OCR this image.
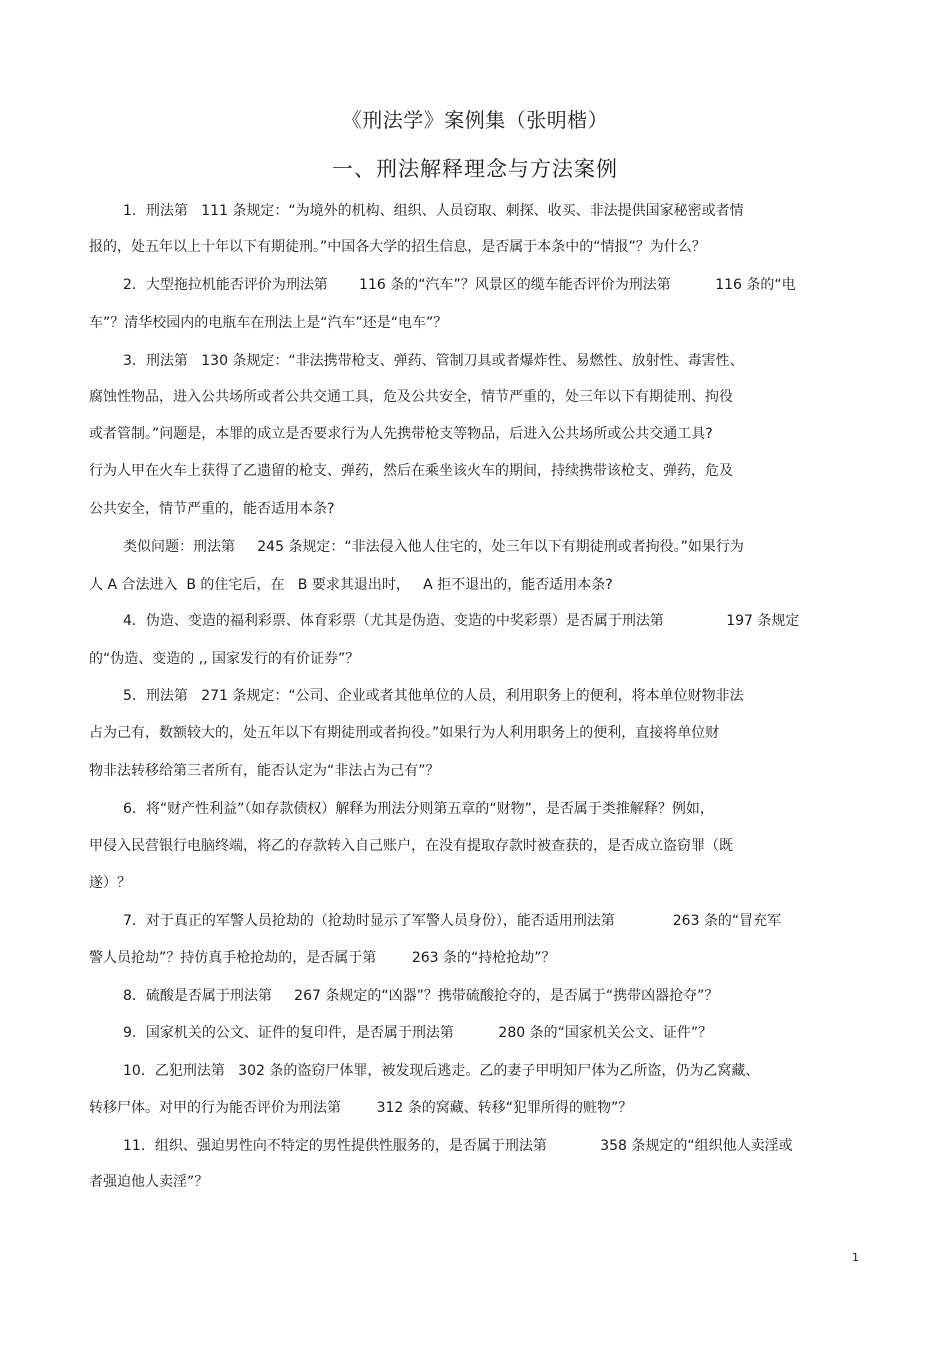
《刑法学》案例集（张明楷）
一、刑法解释理念与方法案例
1．刑法第   111 条规定：“为境外的机构、组织、人员窃取、刺探、收买、非法提供国家秘密或者情
报的，处五年以上十年以下有期徒刑。”中国各大学的招生信息，是否属于本条中的“情报”？为什么？
2．大型拖拉机能否评价为刑法第       116 条的“汽车”？风景区的缆车能否评价为刑法第          116 条的“电
车”？清华校园内的电瓶车在刑法上是“汽车”还是“电车”？
3．刑法第   130 条规定：“非法携带枪支、弹药、管制刀具或者爆炸性、易燃性、放射性、毒害性、
腐蚀性物品，进入公共场所或者公共交通工具，危及公共安全，情节严重的，处三年以下有期徒刑、拘役
或者管制。”问题是，本罪的成立是否要求行为人先携带枪支等物品，后进入公共场所或公共交通工具?
行为人甲在火车上获得了乙遗留的枪支、弹药，然后在乘坐该火车的期间，持续携带该枪支、弹药，危及
公共安全，情节严重的，能否适用本条?
类似问题：刑法第     245 条规定：“非法侵入他人住宅的，处三年以下有期徒刑或者拘役。”如果行为
人 A 合法进入  B 的住宅后，在   B 要求其退出时，   A 拒不退出的，能否适用本条?
4．伪造、变造的福利彩票、体育彩票（尤其是伪造、变造的中奖彩票）是否属于刑法第              197 条规定
的“伪造、变造的 ,, 国家发行的有价证券”？
5．刑法第   271 条规定：“公司、企业或者其他单位的人员，利用职务上的便利，将本单位财物非法
占为己有，数额较大的，处五年以下有期徒刑或者拘役。”如果行为人利用职务上的便利，直接将单位财
物非法转移给第三者所有，能否认定为“非法占为己有”？
6．将“财产性利益”（如存款债权）解释为刑法分则第五章的“财物”，是否属于类推解释？例如，
甲侵入民营银行电脑终端，将乙的存款转入自己账户，在没有提取存款时被查获的，是否成立盗窃罪（既
遂）？
7．对于真正的军警人员抢劫的（抢劫时显示了军警人员身份），能否适用刑法第             263 条的“冒充军
警人员抢劫”？持仿真手枪抢劫的，是否属于第        263 条的“持枪抢劫”？
8．硫酸是否属于刑法第     267 条规定的“凶器”？携带硫酸抢夺的，是否属于“携带凶器抢夺”？
9．国家机关的公文、证件的复印件，是否属于刑法第          280 条的“国家机关公文、证件”？
10．乙犯刑法第   302 条的盗窃尸体罪，被发现后逃走。乙的妻子甲明知尸体为乙所盗，仍为乙窝藏、
转移尸体。对甲的行为能否评价为刑法第        312 条的窝藏、转移“犯罪所得的赃物”？
11．组织、强迫男性向不特定的男性提供性服务的，是否属于刑法第            358 条规定的“组织他人卖淫或
者强迫他人卖淫”？
1
